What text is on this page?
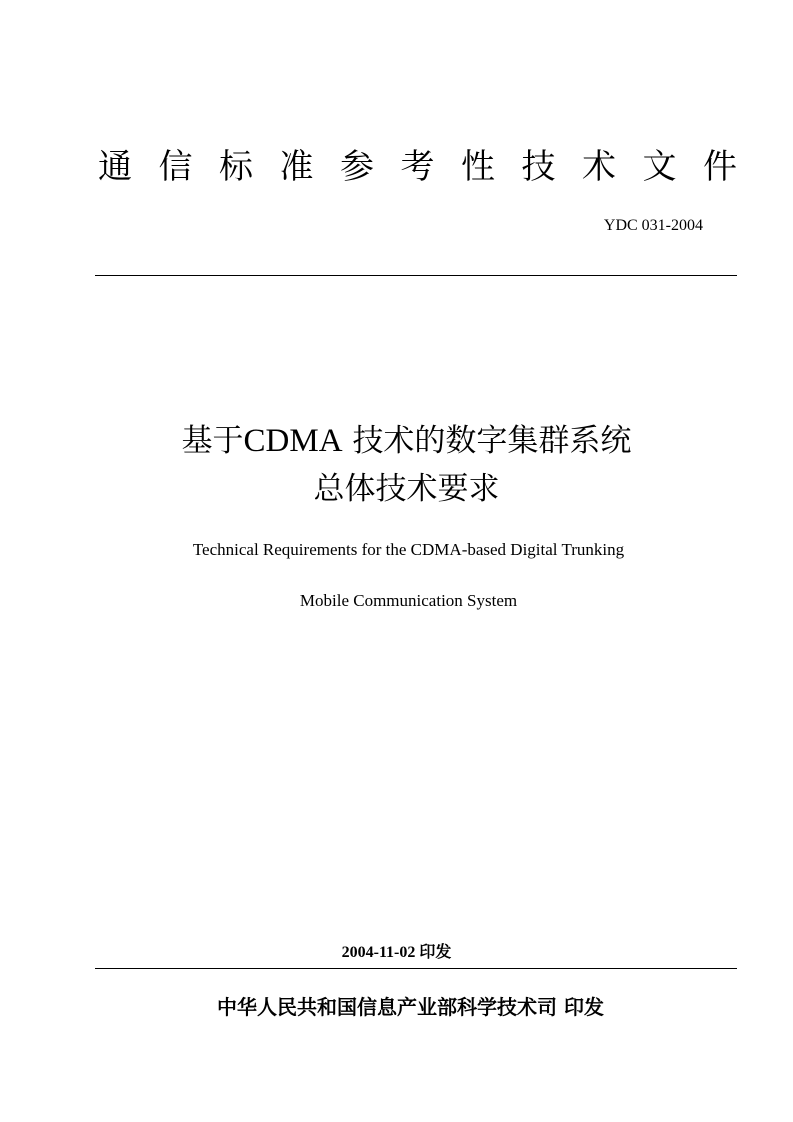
通 信 标 准 参 考 性 技 术 文 件
YDC 031-2004
基于CDMA 技术的数字集群系统
总体技术要求
Technical Requirements for the CDMA-based Digital Trunking
Mobile Communication System
2004-11-02 印发
中华人民共和国信息产业部科学技术司 印发
